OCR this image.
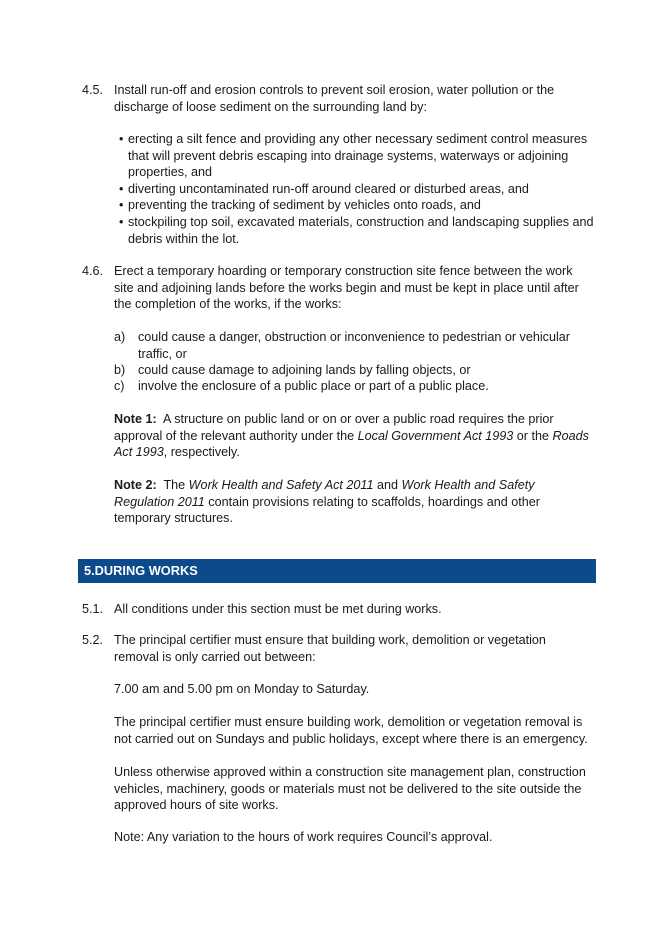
4.5. Install run-off and erosion controls to prevent soil erosion, water pollution or the discharge of loose sediment on the surrounding land by:
• erecting a silt fence and providing any other necessary sediment control measures that will prevent debris escaping into drainage systems, waterways or adjoining properties, and
• diverting uncontaminated run-off around cleared or disturbed areas, and
• preventing the tracking of sediment by vehicles onto roads, and
• stockpiling top soil, excavated materials, construction and landscaping supplies and debris within the lot.
4.6. Erect a temporary hoarding or temporary construction site fence between the work site and adjoining lands before the works begin and must be kept in place until after the completion of the works, if the works:
a) could cause a danger, obstruction or inconvenience to pedestrian or vehicular traffic, or
b) could cause damage to adjoining lands by falling objects, or
c) involve the enclosure of a public place or part of a public place.
Note 1: A structure on public land or on or over a public road requires the prior approval of the relevant authority under the Local Government Act 1993 or the Roads Act 1993, respectively.
Note 2: The Work Health and Safety Act 2011 and Work Health and Safety Regulation 2011 contain provisions relating to scaffolds, hoardings and other temporary structures.
5.DURING WORKS
5.1. All conditions under this section must be met during works.
5.2. The principal certifier must ensure that building work, demolition or vegetation removal is only carried out between:
7.00 am and 5.00 pm on Monday to Saturday.
The principal certifier must ensure building work, demolition or vegetation removal is not carried out on Sundays and public holidays, except where there is an emergency.
Unless otherwise approved within a construction site management plan, construction vehicles, machinery, goods or materials must not be delivered to the site outside the approved hours of site works.
Note: Any variation to the hours of work requires Council’s approval.
